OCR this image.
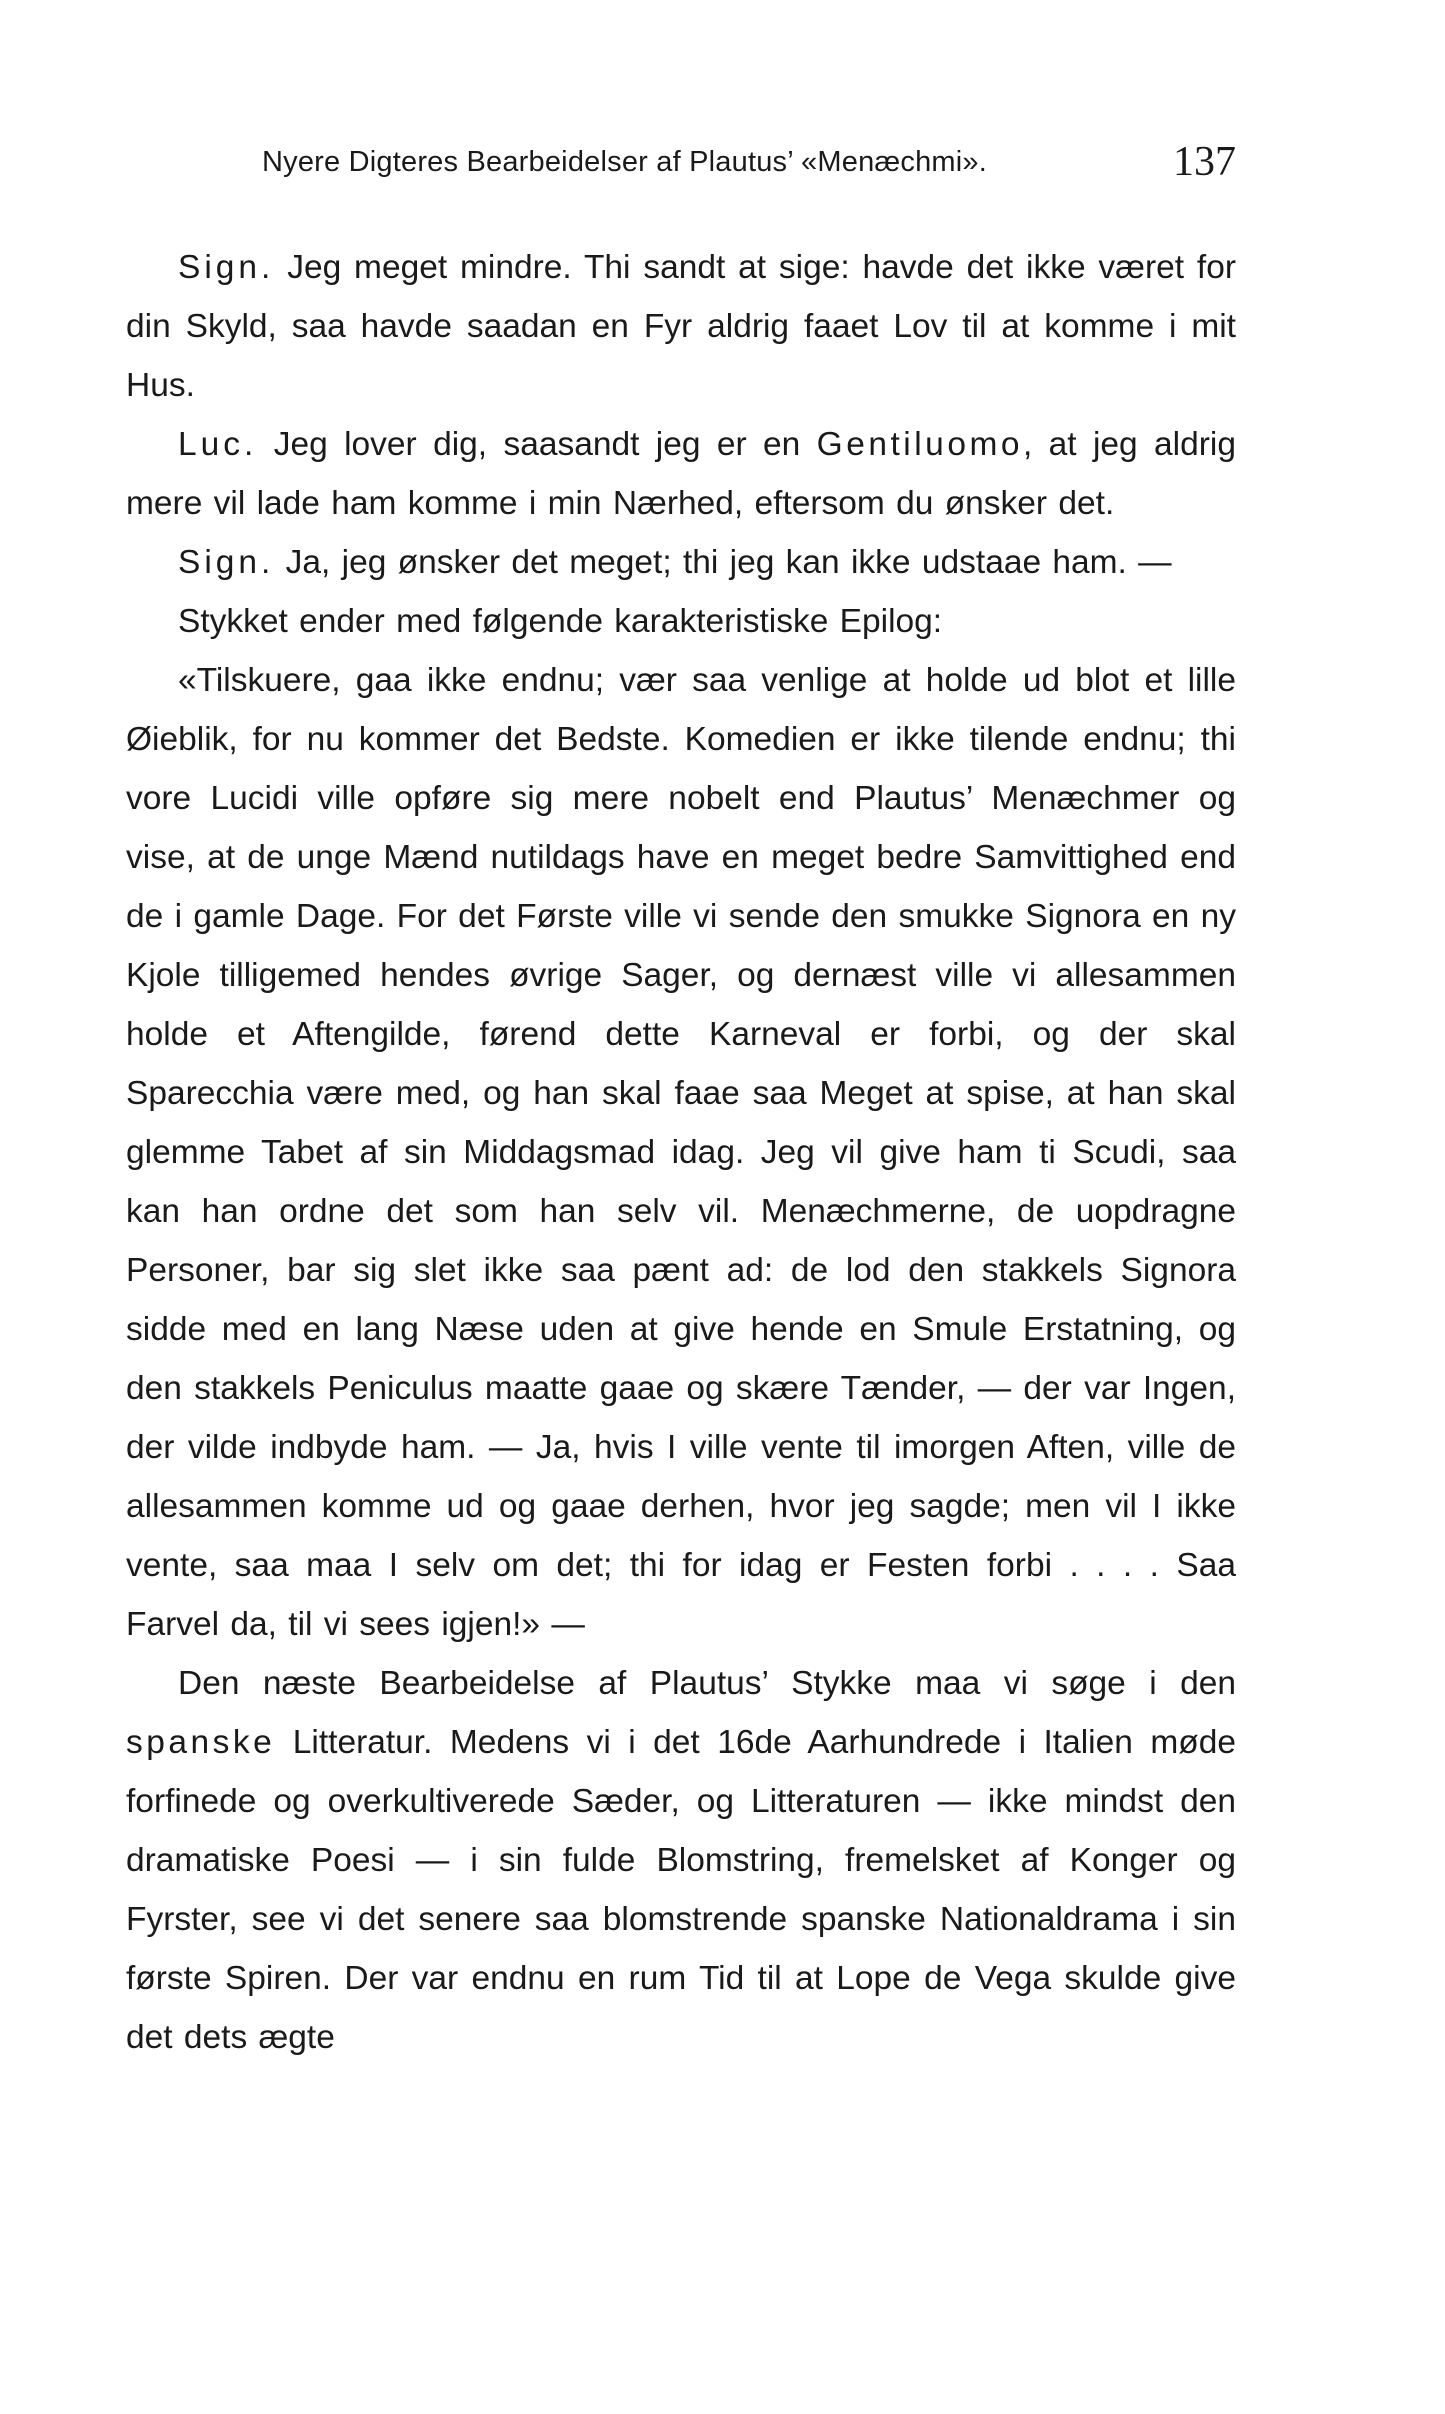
Nyere Digteres Bearbeidelser af Plautus’ «Menæchmi».	137

Sign. Jeg meget mindre. Thi sandt at sige: havde det ikke været for din Skyld, saa havde saadan en Fyr aldrig faaet Lov til at komme i mit Hus.

Luc. Jeg lover dig, saasandt jeg er en Gentiluomo, at jeg aldrig mere vil lade ham komme i min Nærhed, eftersom du ønsker det.

Sign. Ja, jeg ønsker det meget; thi jeg kan ikke udstaae ham. —

Stykket ender med følgende karakteristiske Epilog:

«Tilskuere, gaa ikke endnu; vær saa venlige at holde ud blot et lille Øieblik, for nu kommer det Bedste. Komedien er ikke tilende endnu; thi vore Lucidi ville opføre sig mere nobelt end Plautus’ Menæchmer og vise, at de unge Mænd nutildags have en meget bedre Samvittighed end de i gamle Dage. For det Første ville vi sende den smukke Signora en ny Kjole tilligemed hendes øvrige Sager, og dernæst ville vi allesammen holde et Aftengilde, førend dette Karneval er forbi, og der skal Sparecchia være med, og han skal faae saa Meget at spise, at han skal glemme Tabet af sin Middagsmad idag. Jeg vil give ham ti Scudi, saa kan han ordne det som han selv vil. Menæchmerne, de uopdragne Personer, bar sig slet ikke saa pænt ad: de lod den stakkels Signora sidde med en lang Næse uden at give hende en Smule Erstatning, og den stakkels Peniculus maatte gaae og skære Tænder, — der var Ingen, der vilde indbyde ham. — Ja, hvis I ville vente til imorgen Aften, ville de allesammen komme ud og gaae derhen, hvor jeg sagde; men vil I ikke vente, saa maa I selv om det; thi for idag er Festen forbi . . . . Saa Farvel da, til vi sees igjen!» —

Den næste Bearbeidelse af Plautus’ Stykke maa vi søge i den spanske Litteratur. Medens vi i det 16de Aarhundrede i Italien møde forfinede og overkultiverede Sæder, og Litteraturen — ikke mindst den dramatiske Poesi — i sin fulde Blomstring, fremelsket af Konger og Fyrster, see vi det senere saa blomstrende spanske Nationaldrama i sin første Spiren. Der var endnu en rum Tid til at Lope de Vega skulde give det dets ægte
